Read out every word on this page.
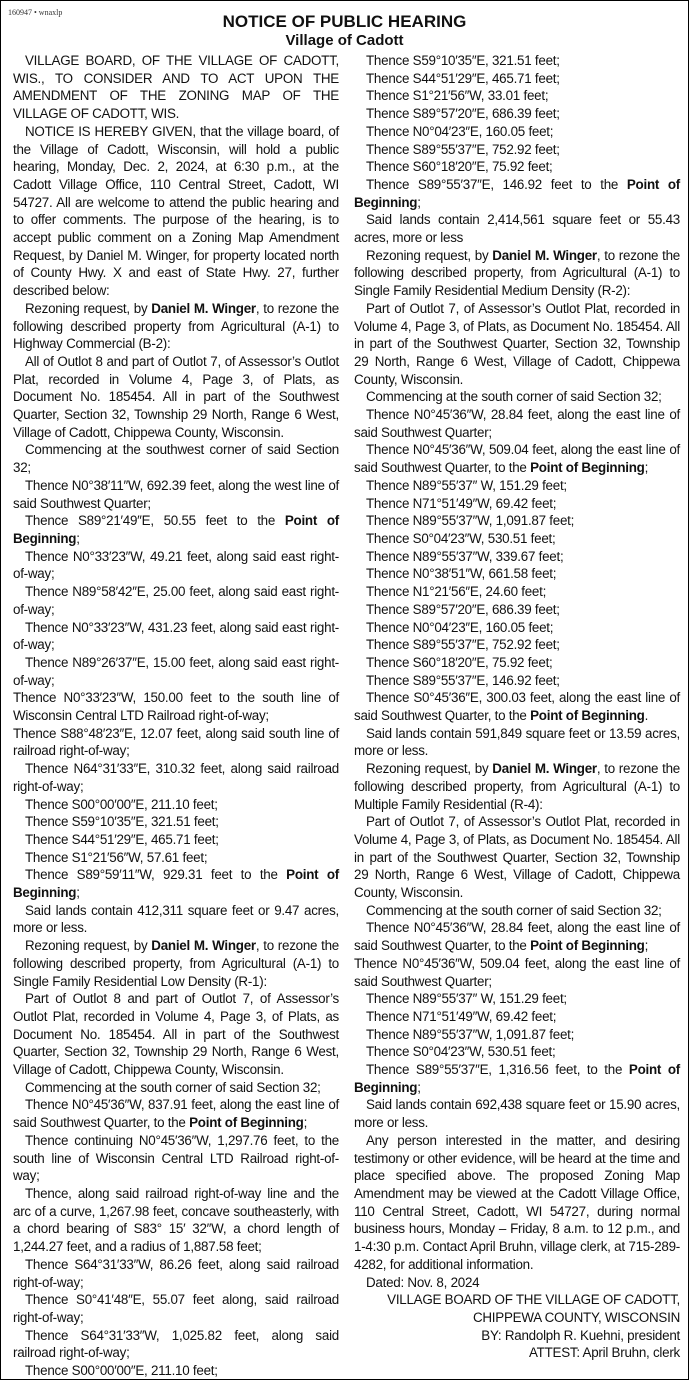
160947 • wnaxlp	NOTICE OF PUBLIC HEARING
Village of Cadott

VILLAGE BOARD, OF THE VILLAGE OF CADOTT, WIS., TO CONSIDER AND TO ACT UPON THE AMENDMENT OF THE ZONING MAP OF THE VILLAGE OF CADOTT, WIS.

NOTICE IS HEREBY GIVEN, that the village board, of the Village of Cadott, Wisconsin, will hold a public hearing, Monday, Dec. 2, 2024, at 6:30 p.m., at the Cadott Village Office, 110 Central Street, Cadott, WI 54727. All are welcome to attend the public hearing and to offer comments. The purpose of the hearing, is to accept public comment on a Zoning Map Amendment Request, by Daniel M. Winger, for property located north of County Hwy. X and east of State Hwy. 27, further described below:

Rezoning request, by Daniel M. Winger, to rezone the following described property from Agricultural (A-1) to Highway Commercial (B-2):

All of Outlot 8 and part of Outlot 7, of Assessor’s Outlot Plat, recorded in Volume 4, Page 3, of Plats, as Document No. 185454. All in part of the Southwest Quarter, Section 32, Township 29 North, Range 6 West, Village of Cadott, Chippewa County, Wisconsin.

Commencing at the southwest corner of said Section 32;

Thence N0°38′11″W, 692.39 feet, along the west line of said Southwest Quarter;

Thence S89°21′49″E, 50.55 feet to the Point of Beginning;

Thence N0°33′23″W, 49.21 feet, along said east right-of-way;

Thence N89°58′42″E, 25.00 feet, along said east right-of-way;

Thence N0°33′23″W, 431.23 feet, along said east right-of-way;

Thence N89°26′37″E, 15.00 feet, along said east right-of-way;

Thence N0°33′23″W, 150.00 feet to the south line of Wisconsin Central LTD Railroad right-of-way;

Thence S88°48′23″E, 12.07 feet, along said south line of railroad right-of-way;

Thence N64°31′33″E, 310.32 feet, along said railroad right-of-way;

Thence S00°00′00″E, 211.10 feet;

Thence S59°10′35″E, 321.51 feet;

Thence S44°51′29″E, 465.71 feet;

Thence S1°21′56″W, 57.61 feet;

Thence S89°59′11″W, 929.31 feet to the Point of Beginning;

Said lands contain 412,311 square feet or 9.47 acres, more or less.

Rezoning request, by Daniel M. Winger, to rezone the following described property, from Agricultural (A-1) to Single Family Residential Low Density (R-1):

Part of Outlot 8 and part of Outlot 7, of Assessor’s Outlot Plat, recorded in Volume 4, Page 3, of Plats, as Document No. 185454. All in part of the Southwest Quarter, Section 32, Township 29 North, Range 6 West, Village of Cadott, Chippewa County, Wisconsin.

Commencing at the south corner of said Section 32;

Thence N0°45′36″W, 837.91 feet, along the east line of said Southwest Quarter, to the Point of Beginning;

Thence continuing N0°45′36″W, 1,297.76 feet, to the south line of Wisconsin Central LTD Railroad right-of-way;

Thence, along said railroad right-of-way line and the arc of a curve, 1,267.98 feet, concave southeasterly, with a chord bearing of S83° 15′ 32″W, a chord length of 1,244.27 feet, and a radius of 1,887.58 feet;

Thence S64°31′33″W, 86.26 feet, along said railroad right-of-way;

Thence S0°41′48″E, 55.07 feet along, said railroad right-of-way;

Thence S64°31′33″W, 1,025.82 feet, along said railroad right-of-way;

Thence S00°00′00″E, 211.10 feet;

Thence S59°10′35″E, 321.51 feet;

Thence S44°51′29″E, 465.71 feet;

Thence S1°21′56″W, 33.01 feet;

Thence S89°57′20″E, 686.39 feet;

Thence N0°04′23″E, 160.05 feet;

Thence S89°55′37″E, 752.92 feet;

Thence S60°18′20″E, 75.92 feet;

Thence S89°55′37″E, 146.92 feet to the Point of Beginning;

Said lands contain 2,414,561 square feet or 55.43 acres, more or less

Rezoning request, by Daniel M. Winger, to rezone the following described property, from Agricultural (A-1) to Single Family Residential Medium Density (R-2):

Part of Outlot 7, of Assessor’s Outlot Plat, recorded in Volume 4, Page 3, of Plats, as Document No. 185454. All in part of the Southwest Quarter, Section 32, Township 29 North, Range 6 West, Village of Cadott, Chippewa County, Wisconsin.

Commencing at the south corner of said Section 32;

Thence N0°45′36″W, 28.84 feet, along the east line of said Southwest Quarter;

Thence N0°45′36″W, 509.04 feet, along the east line of said Southwest Quarter, to the Point of Beginning;

Thence N89°55′37″ W, 151.29 feet;

Thence N71°51′49″W, 69.42 feet;

Thence N89°55′37″W, 1,091.87 feet;

Thence S0°04′23″W, 530.51 feet;

Thence N89°55′37″W, 339.67 feet;

Thence N0°38′51″W, 661.58 feet;

Thence N1°21′56″E, 24.60 feet;

Thence S89°57′20″E, 686.39 feet;

Thence N0°04′23″E, 160.05 feet;

Thence S89°55′37″E, 752.92 feet;

Thence S60°18′20″E, 75.92 feet;

Thence S89°55′37″E, 146.92 feet;

Thence S0°45′36″E, 300.03 feet, along the east line of said Southwest Quarter, to the Point of Beginning.

Said lands contain 591,849 square feet or 13.59 acres, more or less.

Rezoning request, by Daniel M. Winger, to rezone the following described property, from Agricultural (A-1) to Multiple Family Residential (R-4):

Part of Outlot 7, of Assessor’s Outlot Plat, recorded in Volume 4, Page 3, of Plats, as Document No. 185454. All in part of the Southwest Quarter, Section 32, Township 29 North, Range 6 West, Village of Cadott, Chippewa County, Wisconsin.

Commencing at the south corner of said Section 32;

Thence N0°45′36″W, 28.84 feet, along the east line of said Southwest Quarter, to the Point of Beginning;

Thence N0°45′36″W, 509.04 feet, along the east line of said Southwest Quarter;

Thence N89°55′37″ W, 151.29 feet;

Thence N71°51′49″W, 69.42 feet;

Thence N89°55′37″W, 1,091.87 feet;

Thence S0°04′23″W, 530.51 feet;

Thence S89°55′37″E, 1,316.56 feet, to the Point of Beginning;

Said lands contain 692,438 square feet or 15.90 acres, more or less.

Any person interested in the matter, and desiring testimony or other evidence, will be heard at the time and place specified above. The proposed Zoning Map Amendment may be viewed at the Cadott Village Office, 110 Central Street, Cadott, WI 54727, during normal business hours, Monday – Friday, 8 a.m. to 12 p.m., and 1-4:30 p.m. Contact April Bruhn, village clerk, at 715-289-4282, for additional information.

Dated: Nov. 8, 2024

VILLAGE BOARD OF THE VILLAGE OF CADOTT, CHIPPEWA COUNTY, WISCONSIN

BY: Randolph R. Kuehni, president

ATTEST: April Bruhn, clerk
